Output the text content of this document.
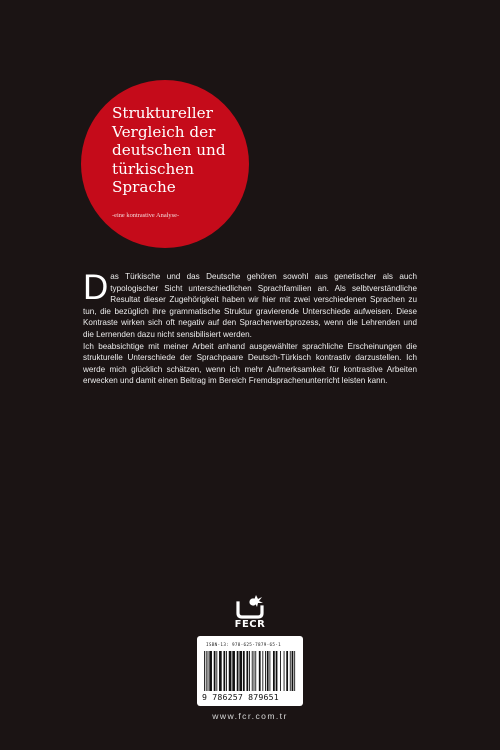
Struktureller
Vergleich der
deutschen und
türkischen
Sprache
-eine kontrastive Analyse-

Das Türkische und das Deutsche gehören sowohl aus genetischer als auch typologischer Sicht unterschiedlichen Sprachfamilien an. Als selbtverständliche Resultat dieser Zugehörigkeit haben wir hier mit zwei verschiedenen Sprachen zu tun, die bezüglich ihre grammatische Struktur gravierende Unterschiede aufweisen. Diese Kontraste wirken sich oft negativ auf den Spracherwerbprozess, wenn die Lehrenden und die Lernenden dazu nicht sensibilisiert werden.

Ich beabsichtige mit meiner Arbeit anhand ausgewählter sprachliche Erscheinungen die strukturelle Unterschiede der Sprachpaare Deutsch-Türkisch kontrastiv darzustellen. Ich werde mich glücklich schätzen, wenn ich mehr Aufmerksamkeit für kontrastive Arbeiten erwecken und damit einen Beitrag im Bereich Fremdsprachenunterricht leisten kann.

FECR
ISBN-13: 978-625-7879-65-1
9 786257 879651
www.fcr.com.tr
